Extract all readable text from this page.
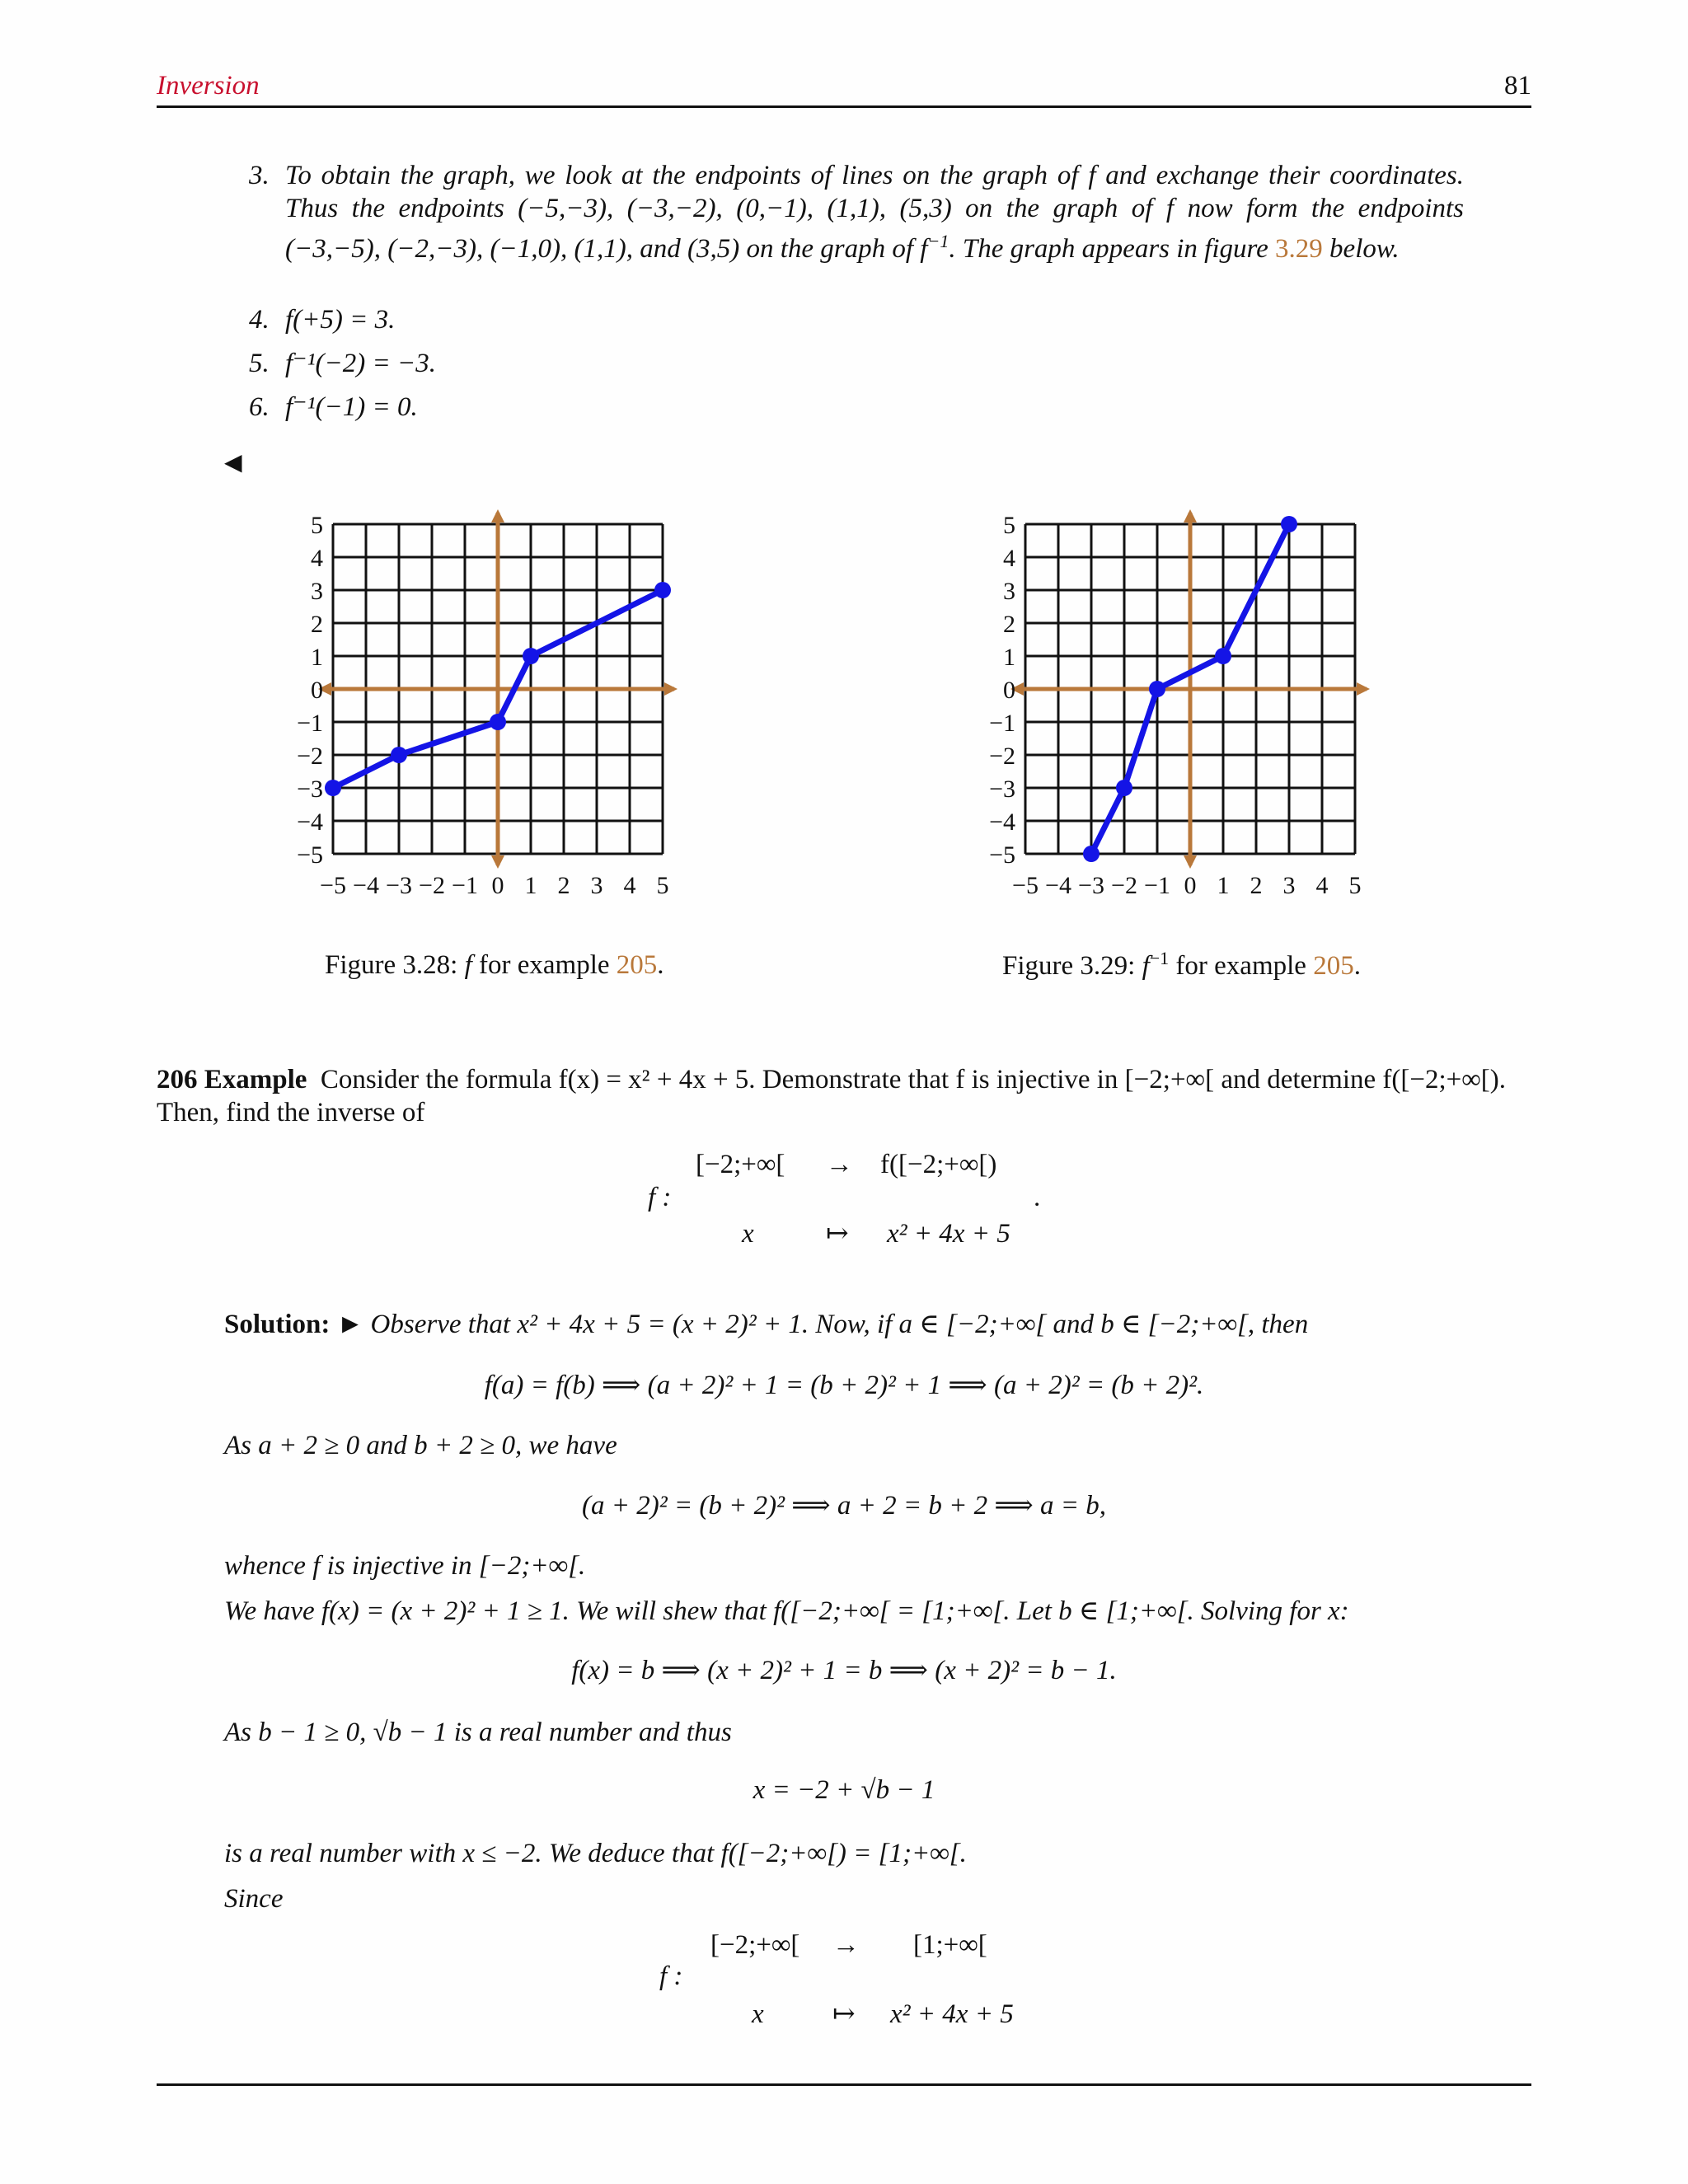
Inversion	81
3. To obtain the graph, we look at the endpoints of lines on the graph of f and exchange their coordinates.
Thus the endpoints (−5,−3), (−3,−2), (0,−1), (1,1), (5,3) on the graph of f now form the endpoints
(−3,−5), (−2,−3), (−1,0), (1,1), and (3,5) on the graph of $f^{-1}$. The graph appears in figure 3.29 below.
4. f(+5) = 3.
5. f⁻¹(−2) = −3.
6. f⁻¹(−1) = 0.
◀
5
4
3
2
1
0
−1
−2
−3
−4
−5
−5 −4 −3 −2 −1 0 1 2 3 4 5
5
4
3
2
1
0
−1
−2
−3
−4
−5
−5 −4 −3 −2 −1 0 1 2 3 4 5
Figure 3.28: f for example 205.	Figure 3.29: $f^{-1}$ for example 205.
206 Example Consider the formula f(x) = x² + 4x + 5. Demonstrate that f is injective in [−2;+∞[ and determine f([−2;+∞[).
Then, find the inverse of
f :
[−2;+∞[ → f([−2;+∞[)
x	↦ x² + 4x + 5
.
Solution: ► Observe that x² + 4x + 5 = (x + 2)² + 1. Now, if a ∈ [−2;+∞[ and b ∈ [−2;+∞[, then
f(a) = f(b) ⟹ (a + 2)² + 1 = (b + 2)² + 1 ⟹ (a + 2)² = (b + 2)².
As a + 2 ≥ 0 and b + 2 ≥ 0, we have
(a + 2)² = (b + 2)² ⟹ a + 2 = b + 2 ⟹ a = b,
whence f is injective in [−2;+∞[.
We have f(x) = (x + 2)² + 1 ≥ 1. We will shew that f([−2;+∞[ = [1;+∞[. Let b ∈ [1;+∞[. Solving for x:
f(x) = b ⟹ (x + 2)² + 1 = b ⟹ (x + 2)² = b − 1.
As b − 1 ≥ 0, √b − 1 is a real number and thus
x = −2 + √b − 1
is a real number with x ≤ −2. We deduce that f([−2;+∞[) = [1;+∞[.
Since
f :
[−2;+∞[ → [1;+∞[
x	↦ x² + 4x + 5
